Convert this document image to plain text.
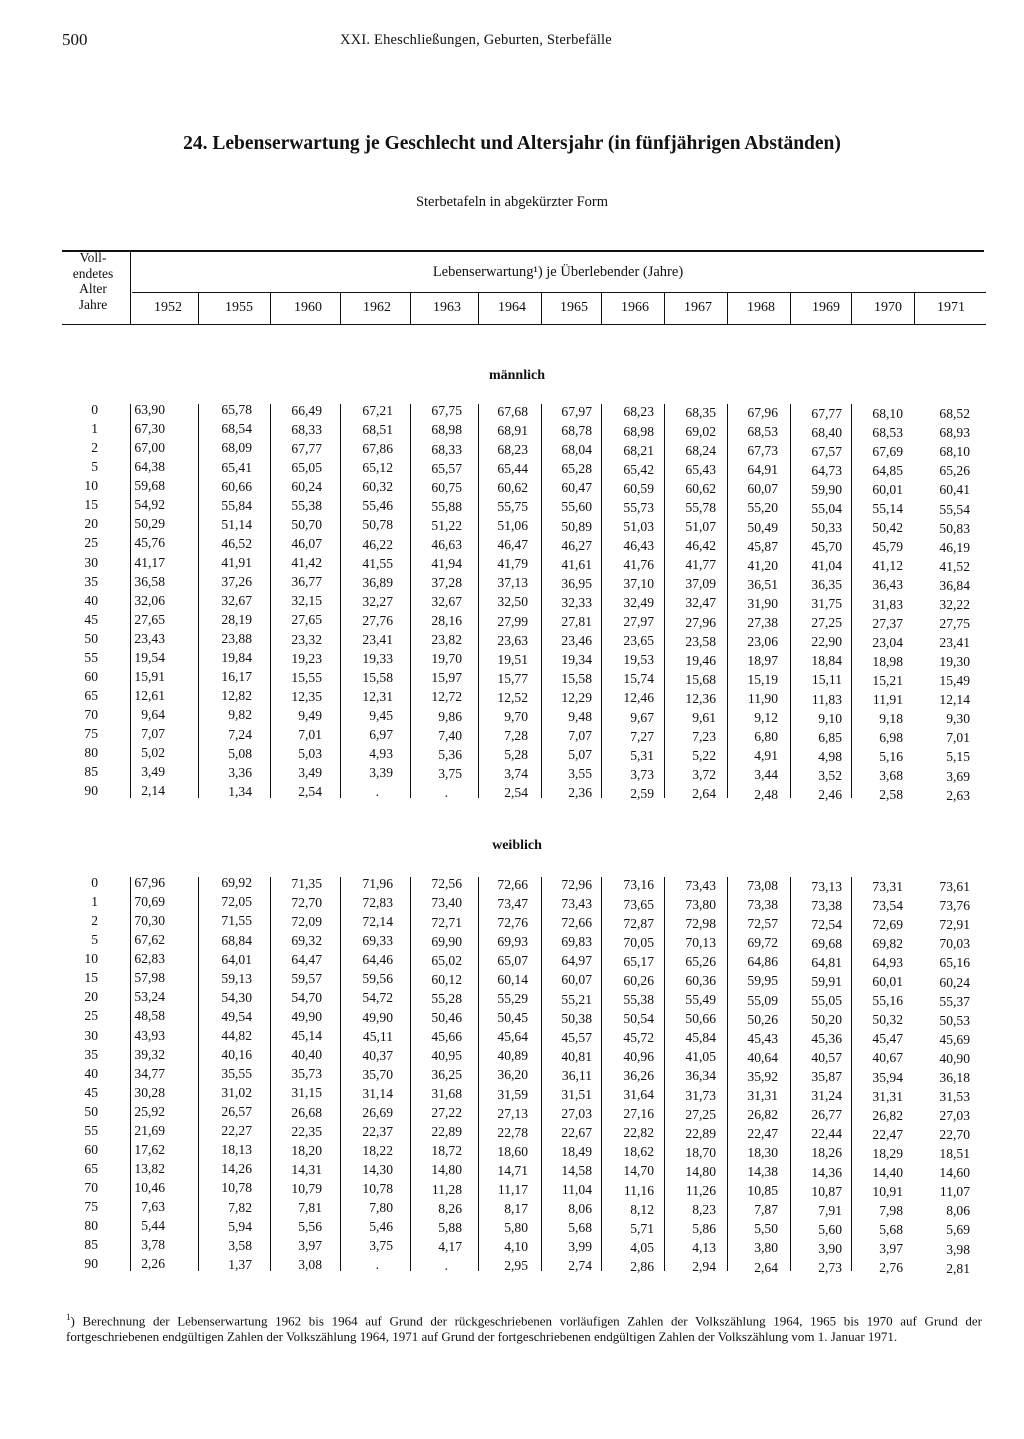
500	XXI. Eheschließungen, Geburten, Sterbefälle
24. Lebenserwartung je Geschlecht und Altersjahr (in fünfjährigen Abständen)
Sterbetafeln in abgekürzter Form
Voll-
endetes
Alter
Jahre
Lebenserwartung¹) je Überlebender (Jahre)
1952	1955	1960	1962	1963	1964	1965	1966	1967	1968	1969	1970	1971
männlich
0	63,90	65,78	66,49	67,21	67,75	67,68	67,97	68,23	68,35	67,96	67,77	68,10	68,52
1	67,30	68,54	68,33	68,51	68,98	68,91	68,78	68,98	69,02	68,53	68,40	68,53	68,93
2	67,00	68,09	67,77	67,86	68,33	68,23	68,04	68,21	68,24	67,73	67,57	67,69	68,10
5	64,38	65,41	65,05	65,12	65,57	65,44	65,28	65,42	65,43	64,91	64,73	64,85	65,26
10	59,68	60,66	60,24	60,32	60,75	60,62	60,47	60,59	60,62	60,07	59,90	60,01	60,41
15	54,92	55,84	55,38	55,46	55,88	55,75	55,60	55,73	55,78	55,20	55,04	55,14	55,54
20	50,29	51,14	50,70	50,78	51,22	51,06	50,89	51,03	51,07	50,49	50,33	50,42	50,83
25	45,76	46,52	46,07	46,22	46,63	46,47	46,27	46,43	46,42	45,87	45,70	45,79	46,19
30	41,17	41,91	41,42	41,55	41,94	41,79	41,61	41,76	41,77	41,20	41,04	41,12	41,52
35	36,58	37,26	36,77	36,89	37,28	37,13	36,95	37,10	37,09	36,51	36,35	36,43	36,84
40	32,06	32,67	32,15	32,27	32,67	32,50	32,33	32,49	32,47	31,90	31,75	31,83	32,22
45	27,65	28,19	27,65	27,76	28,16	27,99	27,81	27,97	27,96	27,38	27,25	27,37	27,75
50	23,43	23,88	23,32	23,41	23,82	23,63	23,46	23,65	23,58	23,06	22,90	23,04	23,41
55	19,54	19,84	19,23	19,33	19,70	19,51	19,34	19,53	19,46	18,97	18,84	18,98	19,30
60	15,91	16,17	15,55	15,58	15,97	15,77	15,58	15,74	15,68	15,19	15,11	15,21	15,49
65	12,61	12,82	12,35	12,31	12,72	12,52	12,29	12,46	12,36	11,90	11,83	11,91	12,14
70	9,64	9,82	9,49	9,45	9,86	9,70	9,48	9,67	9,61	9,12	9,10	9,18	9,30
75	7,07	7,24	7,01	6,97	7,40	7,28	7,07	7,27	7,23	6,80	6,85	6,98	7,01
80	5,02	5,08	5,03	4,93	5,36	5,28	5,07	5,31	5,22	4,91	4,98	5,16	5,15
85	3,49	3,36	3,49	3,39	3,75	3,74	3,55	3,73	3,72	3,44	3,52	3,68	3,69
90	2,14	1,34	2,54	.	.	2,54	2,36	2,59	2,64	2,48	2,46	2,58	2,63
weiblich
0	67,96	69,92	71,35	71,96	72,56	72,66	72,96	73,16	73,43	73,08	73,13	73,31	73,61
1	70,69	72,05	72,70	72,83	73,40	73,47	73,43	73,65	73,80	73,38	73,38	73,54	73,76
2	70,30	71,55	72,09	72,14	72,71	72,76	72,66	72,87	72,98	72,57	72,54	72,69	72,91
5	67,62	68,84	69,32	69,33	69,90	69,93	69,83	70,05	70,13	69,72	69,68	69,82	70,03
10	62,83	64,01	64,47	64,46	65,02	65,07	64,97	65,17	65,26	64,86	64,81	64,93	65,16
15	57,98	59,13	59,57	59,56	60,12	60,14	60,07	60,26	60,36	59,95	59,91	60,01	60,24
20	53,24	54,30	54,70	54,72	55,28	55,29	55,21	55,38	55,49	55,09	55,05	55,16	55,37
25	48,58	49,54	49,90	49,90	50,46	50,45	50,38	50,54	50,66	50,26	50,20	50,32	50,53
30	43,93	44,82	45,14	45,11	45,66	45,64	45,57	45,72	45,84	45,43	45,36	45,47	45,69
35	39,32	40,16	40,40	40,37	40,95	40,89	40,81	40,96	41,05	40,64	40,57	40,67	40,90
40	34,77	35,55	35,73	35,70	36,25	36,20	36,11	36,26	36,34	35,92	35,87	35,94	36,18
45	30,28	31,02	31,15	31,14	31,68	31,59	31,51	31,64	31,73	31,31	31,24	31,31	31,53
50	25,92	26,57	26,68	26,69	27,22	27,13	27,03	27,16	27,25	26,82	26,77	26,82	27,03
55	21,69	22,27	22,35	22,37	22,89	22,78	22,67	22,82	22,89	22,47	22,44	22,47	22,70
60	17,62	18,13	18,20	18,22	18,72	18,60	18,49	18,62	18,70	18,30	18,26	18,29	18,51
65	13,82	14,26	14,31	14,30	14,80	14,71	14,58	14,70	14,80	14,38	14,36	14,40	14,60
70	10,46	10,78	10,79	10,78	11,28	11,17	11,04	11,16	11,26	10,85	10,87	10,91	11,07
75	7,63	7,82	7,81	7,80	8,26	8,17	8,06	8,12	8,23	7,87	7,91	7,98	8,06
80	5,44	5,94	5,56	5,46	5,88	5,80	5,68	5,71	5,86	5,50	5,60	5,68	5,69
85	3,78	3,58	3,97	3,75	4,17	4,10	3,99	4,05	4,13	3,80	3,90	3,97	3,98
90	2,26	1,37	3,08	.	.	2,95	2,74	2,86	2,94	2,64	2,73	2,76	2,81
$^1$) Berechnung der Lebenserwartung 1962 bis 1964 auf Grund der rückgeschriebenen vorläufigen Zahlen der Volkszählung 1964, 1965 bis 1970 auf Grund der fortgeschriebenen endgültigen Zahlen der Volkszählung 1964, 1971 auf Grund der fortgeschriebenen endgültigen Zahlen der Volkszählung vom 1. Januar 1971.
